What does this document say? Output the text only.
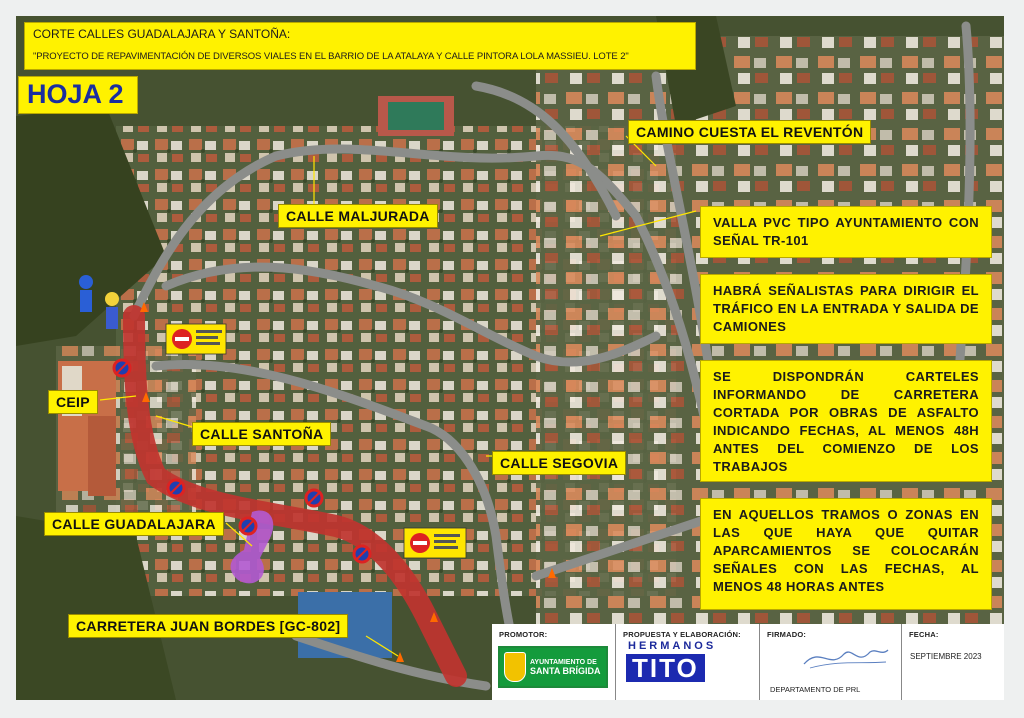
CORTE CALLES GUADALAJARA Y SANTOÑA:
"PROYECTO DE REPAVIMENTACIÓN DE DIVERSOS VIALES EN EL BARRIO DE LA ATALAYA Y CALLE PINTORA LOLA MASSIEU. LOTE 2"
HOJA 2
CAMINO CUESTA EL REVENTÓN
CALLE MALJURADA
CEIP
CALLE SANTOÑA
CALLE SEGOVIA
CALLE GUADALAJARA
CARRETERA JUAN BORDES [GC-802]
VALLA PVC TIPO AYUNTAMIENTO CON SEÑAL TR-101
HABRÁ SEÑALISTAS PARA DIRIGIR EL TRÁFICO EN LA ENTRADA Y SALIDA DE CAMIONES
SE DISPONDRÁN CARTELES INFORMANDO DE CARRETERA CORTADA POR OBRAS DE ASFALTO INDICANDO FECHAS, AL MENOS 48H ANTES DEL COMIENZO DE LOS TRABAJOS
EN AQUELLOS TRAMOS O ZONAS EN LAS QUE HAYA QUE QUITAR APARCAMIENTOS SE COLOCARÁN SEÑALES CON LAS FECHAS, AL MENOS 48 HORAS ANTES
PROMOTOR:
AYUNTAMIENTO DE
SANTA BRÍGIDA
PROPUESTA Y ELABORACIÓN:
HERMANOS
TITO
FIRMADO:
DEPARTAMENTO DE PRL
FECHA:
SEPTIEMBRE 2023
